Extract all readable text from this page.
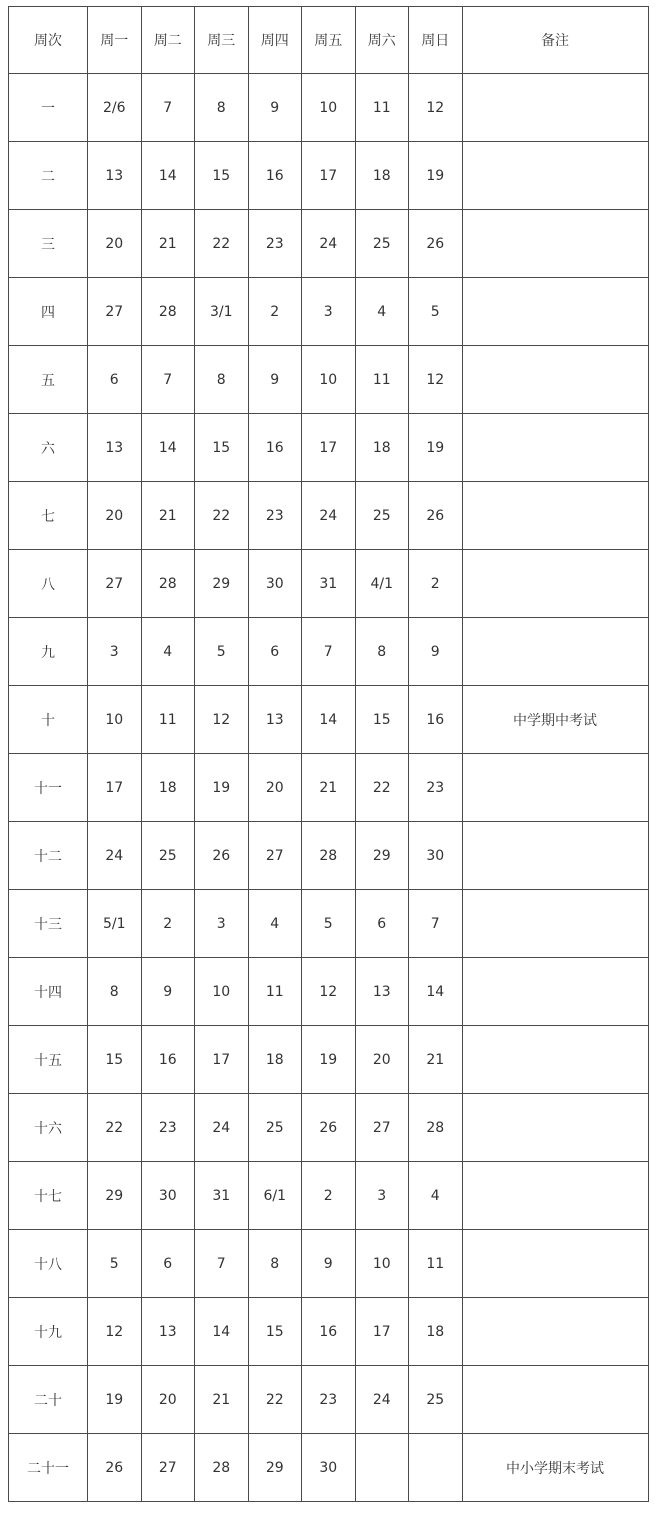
周次	周一	周二	周三	周四	周五	周六	周日	备注
一	2/6	7	8	9	10	11	12	
二	13	14	15	16	17	18	19	
三	20	21	22	23	24	25	26	
四	27	28	3/1	2	3	4	5	
五	6	7	8	9	10	11	12	
六	13	14	15	16	17	18	19	
七	20	21	22	23	24	25	26	
八	27	28	29	30	31	4/1	2	
九	3	4	5	6	7	8	9	
十	10	11	12	13	14	15	16	中学期中考试
十一	17	18	19	20	21	22	23	
十二	24	25	26	27	28	29	30	
十三	5/1	2	3	4	5	6	7	
十四	8	9	10	11	12	13	14	
十五	15	16	17	18	19	20	21	
十六	22	23	24	25	26	27	28	
十七	29	30	31	6/1	2	3	4	
十八	5	6	7	8	9	10	11	
十九	12	13	14	15	16	17	18	
二十	19	20	21	22	23	24	25	
二十一	26	27	28	29	30			中小学期末考试
